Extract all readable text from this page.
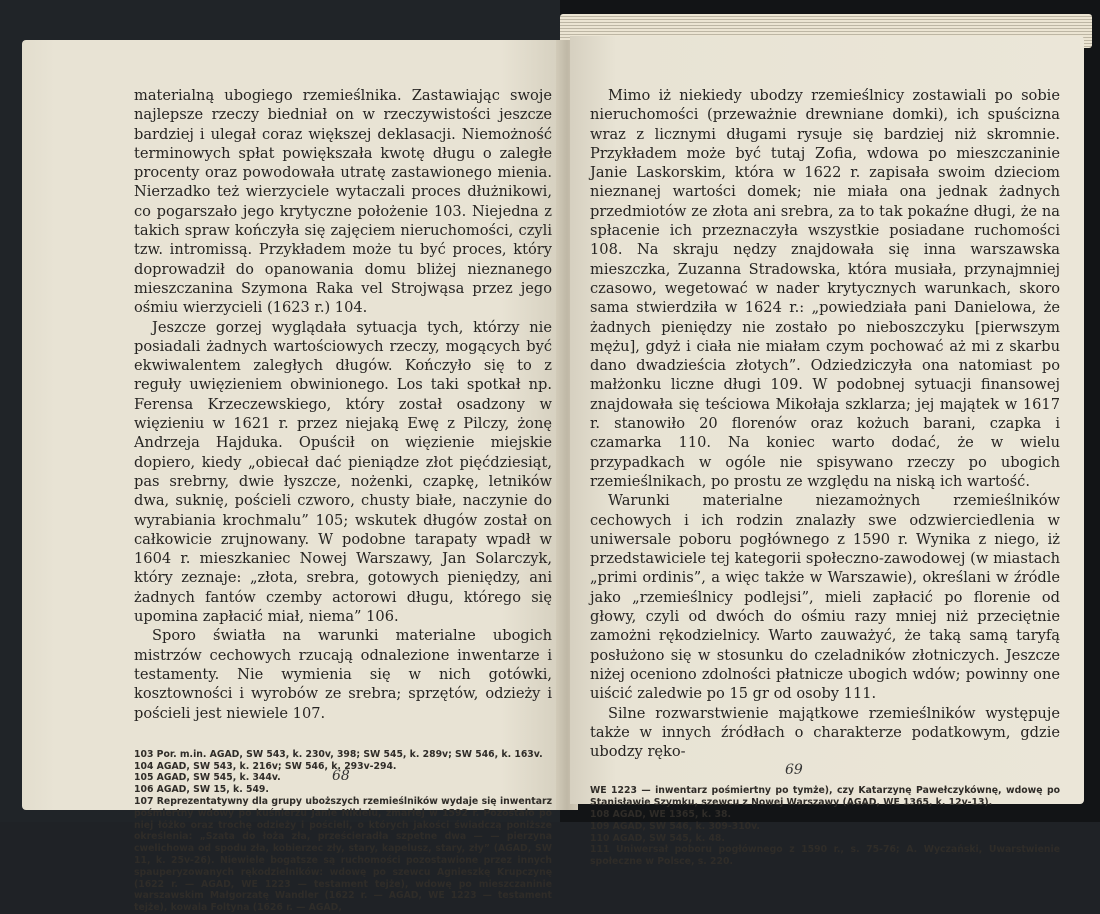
materialną ubogiego rzemieślnika. Zastawiając swoje najlepsze rzeczy biedniał on w rzeczywistości jeszcze bardziej i ulegał coraz większej deklasacji. Niemożność terminowych spłat powiększała kwotę długu o zaległe procenty oraz powodowała utratę zastawionego mienia. Nierzadko też wierzyciele wytaczali proces dłużnikowi, co pogarszało jego krytyczne położenie 103. Niejedna z takich spraw kończyła się zajęciem nieruchomości, czyli tzw. intromissą. Przykładem może tu być proces, który doprowadził do opanowania domu bliżej nieznanego mieszczanina Szymona Raka vel Strojwąsa przez jego ośmiu wierzycieli (1623 r.) 104.

Jeszcze gorzej wyglądała sytuacja tych, którzy nie posiadali żadnych wartościowych rzeczy, mogących być ekwiwalentem zaległych długów. Kończyło się to z reguły uwięzieniem obwinionego. Los taki spotkał np. Ferensa Krzeczewskiego, który został osadzony w więzieniu w 1621 r. przez niejaką Ewę z Pilczy, żonę Andrzeja Hajduka. Opuścił on więzienie miejskie dopiero, kiedy „obiecał dać pieniądze złot pięćdziesiąt, pas srebrny, dwie łyszcze, nożenki, czapkę, letników dwa, suknię, pościeli czworo, chusty białe, naczynie do wyrabiania krochmalu” 105; wskutek długów został on całkowicie zrujnowany. W podobne tarapaty wpadł w 1604 r. mieszkaniec Nowej Warszawy, Jan Solarczyk, który zeznaje: „złota, srebra, gotowych pieniędzy, ani żadnych fantów czemby actorowi długu, którego się upomina zapłacić miał, niema” 106.

Sporo światła na warunki materialne ubogich mistrzów cechowych rzucają odnalezione inwentarze i testamenty. Nie wymienia się w nich gotówki, kosztowności i wyrobów ze srebra; sprzętów, odzieży i pościeli jest niewiele 107.

103 Por. m.in. AGAD, SW 543, k. 230v, 398; SW 545, k. 289v; SW 546, k. 163v.
104 AGAD, SW 543, k. 216v; SW 546, k. 293v-294.
105 AGAD, SW 545, k. 344v.
106 AGAD, SW 15, k. 549.
107 Reprezentatywny dla grupy uboższych rzemieślników wydaje się inwentarz pośmiertny wdowy po kuśnierzu Janie Nikielu, zmarłej w 1592 r. Pozostało po niej łóżko oraz trochę odzieży i pościeli, o których jakości świadczą poniższe określenia: „Szata do łoża zła, prześcieradła szpetne dwa — — pierzyna cwelichowa od spodu zła, kobierzec zły, stary, kapelusz, stary, zły” (AGAD, SW 11, k. 25v-26). Niewiele bogatsze są ruchomości pozostawione przez innych spauperyzowanych rękodzielników: wdowę po szewcu Agnieszkę Krupczynę (1622 r. — AGAD, WE 1223 — testament tejże), wdowę po mieszczaninie warszawskim Małgorzatę Wandler (1622 r. — AGAD, WE 1223 — testament tejże), kowala Foltyna (1626 r. — AGAD,
68

Mimo iż niekiedy ubodzy rzemieślnicy zostawiali po sobie nieruchomości (przeważnie drewniane domki), ich spuścizna wraz z licznymi długami rysuje się bardziej niż skromnie. Przykładem może być tutaj Zofia, wdowa po mieszczaninie Janie Laskorskim, która w 1622 r. zapisała swoim dzieciom nieznanej wartości domek; nie miała ona jednak żadnych przedmiotów ze złota ani srebra, za to tak pokaźne długi, że na spłacenie ich przeznaczyła wszystkie posiadane ruchomości 108. Na skraju nędzy znajdowała się inna warszawska mieszczka, Zuzanna Stradowska, która musiała, przynajmniej czasowo, wegetować w nader krytycznych warunkach, skoro sama stwierdziła w 1624 r.: „powiedziała pani Danielowa, że żadnych pieniędzy nie zostało po nieboszczyku [pierwszym mężu], gdyż i ciała nie miałam czym pochować aż mi z skarbu dano dwadzieścia złotych”. Odziedziczyła ona natomiast po małżonku liczne długi 109. W podobnej sytuacji finansowej znajdowała się teściowa Mikołaja szklarza; jej majątek w 1617 r. stanowiło 20 florenów oraz kożuch barani, czapka i czamarka 110. Na koniec warto dodać, że w wielu przypadkach w ogóle nie spisywano rzeczy po ubogich rzemieślnikach, po prostu ze względu na niską ich wartość.

Warunki materialne niezamożnych rzemieślników cechowych i ich rodzin znalazły swe odzwierciedlenia w uniwersale poboru pogłównego z 1590 r. Wynika z niego, iż przedstawiciele tej kategorii społeczno-zawodowej (w miastach „primi ordinis”, a więc także w Warszawie), określani w źródle jako „rzemieślnicy podlejsi”, mieli zapłacić po florenie od głowy, czyli od dwóch do ośmiu razy mniej niż przeciętnie zamożni rękodzielnicy. Warto zauważyć, że taką samą taryfą posłużono się w stosunku do czeladników złotniczych. Jeszcze niżej oceniono zdolności płatnicze ubogich wdów; powinny one uiścić zaledwie po 15 gr od osoby 111.

Silne rozwarstwienie majątkowe rzemieślników występuje także w innych źródłach o charakterze podatkowym, gdzie ubodzy ręko-

WE 1223 — inwentarz pośmiertny po tymże), czy Katarzynę Pawełczykównę, wdowę po Stanisławie Szymku, szewcu z Nowej Warszawy (AGAD, WE 1365, k. 12v-13).
108 AGAD, WE 1365, k. 38.
109 AGAD, SW 546, k. 309-310v.
110 AGAD, SW 545, k. 48.
111 Uniwersał poboru pogłównego z 1590 r., s. 75-76; A. Wyczański, Uwarstwienie społeczne w Polsce, s. 220.
69
